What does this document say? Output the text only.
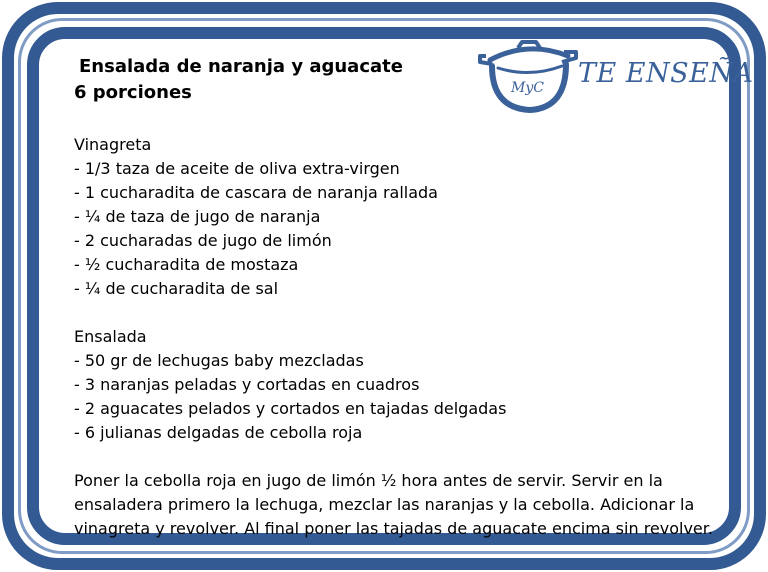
Ensalada de naranja y aguacate
6 porciones	MyC TE ENSEÑA

Vinagreta

- 1/3 taza de aceite de oliva extra-virgen

- 1 cucharadita de cascara de naranja rallada

- ¼ de taza de jugo de naranja

- 2 cucharadas de jugo de limón

- ½ cucharadita de mostaza

- ¼ de cucharadita de sal

Ensalada

- 50 gr de lechugas baby mezcladas

- 3 naranjas peladas y cortadas en cuadros

- 2 aguacates pelados y cortados en tajadas delgadas

- 6 julianas delgadas de cebolla roja

Poner la cebolla roja en jugo de limón ½ hora antes de servir. Servir en la ensaladera primero la lechuga, mezclar las naranjas y la cebolla. Adicionar la vinagreta y revolver. Al final poner las tajadas de aguacate encima sin revolver.
